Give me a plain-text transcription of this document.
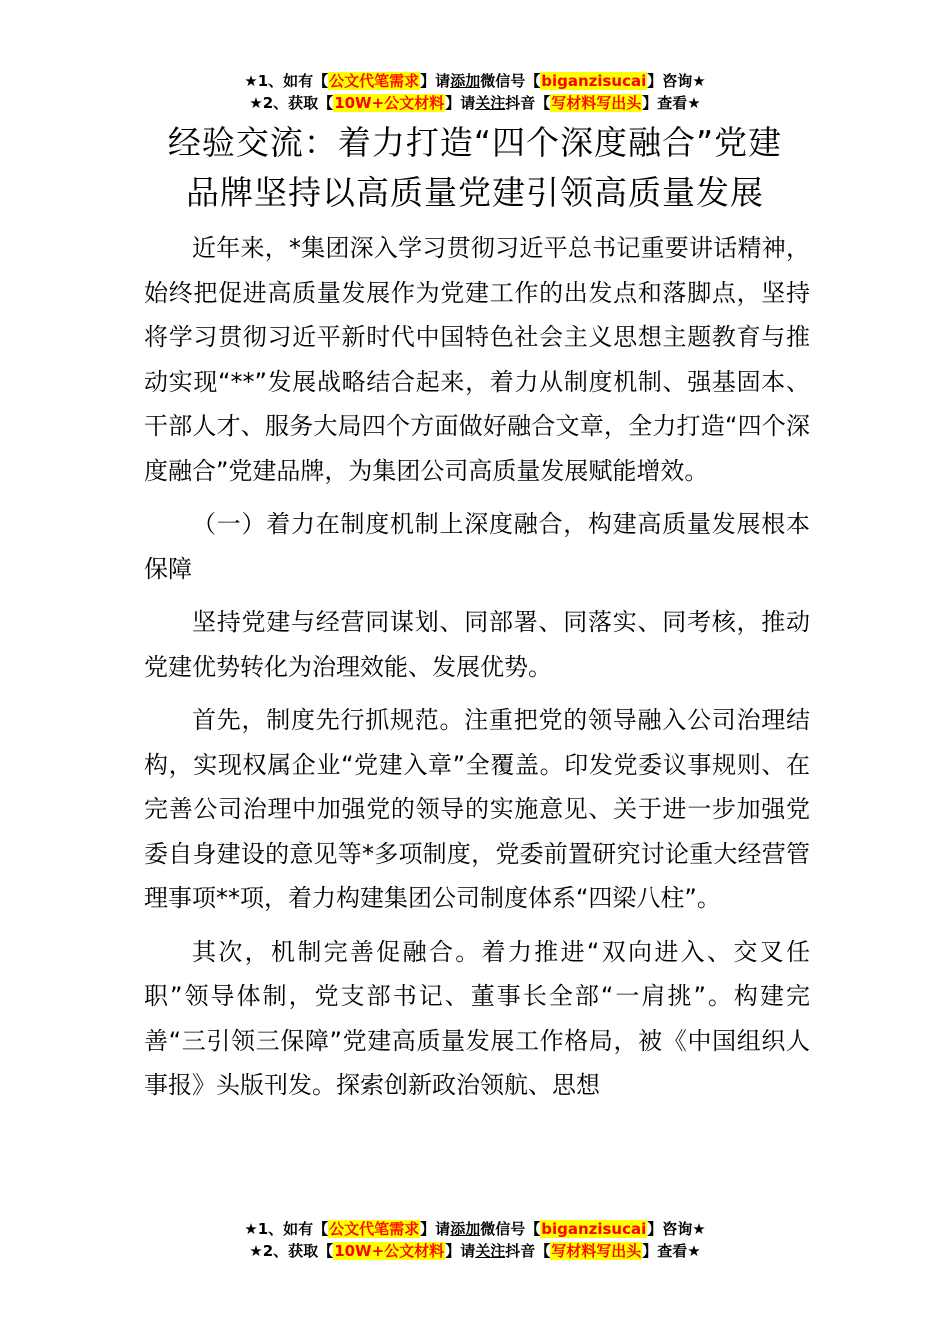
★1、如有【公文代笔需求】请添加微信号【biganzisucai】咨询★
★2、获取【10W+公文材料】请关注抖音【写材料写出头】查看★
经验交流：着力打造“四个深度融合”党建
品牌坚持以高质量党建引领高质量发展

近年来，*集团深入学习贯彻习近平总书记重要讲话精神，始终把促进高质量发展作为党建工作的出发点和落脚点，坚持将学习贯彻习近平新时代中国特色社会主义思想主题教育与推动实现“**”发展战略结合起来，着力从制度机制、强基固本、干部人才、服务大局四个方面做好融合文章，全力打造“四个深度融合”党建品牌，为集团公司高质量发展赋能增效。

（一）着力在制度机制上深度融合，构建高质量发展根本保障

坚持党建与经营同谋划、同部署、同落实、同考核，推动党建优势转化为治理效能、发展优势。

首先，制度先行抓规范。注重把党的领导融入公司治理结构，实现权属企业“党建入章”全覆盖。印发党委议事规则、在完善公司治理中加强党的领导的实施意见、关于进一步加强党委自身建设的意见等*多项制度，党委前置研究讨论重大经营管理事项**项，着力构建集团公司制度体系“四梁八柱”。

其次，机制完善促融合。着力推进“双向进入、交叉任职”领导体制，党支部书记、董事长全部“一肩挑”。构建完善“三引领三保障”党建高质量发展工作格局，被《中国组织人事报》头版刊发。探索创新政治领航、思想

★1、如有【公文代笔需求】请添加微信号【biganzisucai】咨询★
★2、获取【10W+公文材料】请关注抖音【写材料写出头】查看★
